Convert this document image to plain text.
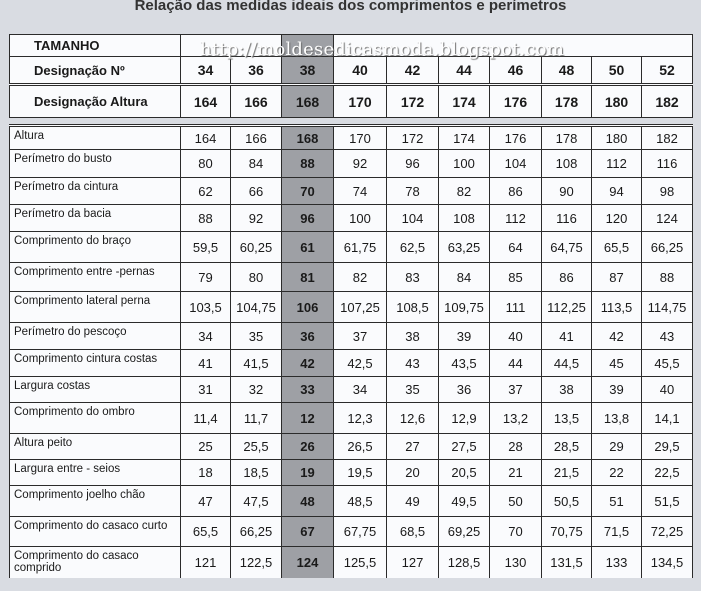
Relação das medidas ideais dos comprimentos e perímetros
http://moldesedicasmoda.blogspot.com
TAMANHO										
Designação Nº	34	36	38	40	42	44	46	48	50	52
Designação Altura	164	166	168	170	172	174	176	178	180	182
Altura	164	166	168	170	172	174	176	178	180	182
Perímetro do busto	80	84	88	92	96	100	104	108	112	116
Perímetro da cintura	62	66	70	74	78	82	86	90	94	98
Perímetro da bacia	88	92	96	100	104	108	112	116	120	124
Comprimento do braço	59,5	60,25	61	61,75	62,5	63,25	64	64,75	65,5	66,25
Comprimento entre -pernas	79	80	81	82	83	84	85	86	87	88
Comprimento lateral perna	103,5	104,75	106	107,25	108,5	109,75	111	112,25	113,5	114,75
Perímetro do pescoço	34	35	36	37	38	39	40	41	42	43
Comprimento cintura costas	41	41,5	42	42,5	43	43,5	44	44,5	45	45,5
Largura costas	31	32	33	34	35	36	37	38	39	40
Comprimento do ombro	11,4	11,7	12	12,3	12,6	12,9	13,2	13,5	13,8	14,1
Altura peito	25	25,5	26	26,5	27	27,5	28	28,5	29	29,5
Largura entre - seios	18	18,5	19	19,5	20	20,5	21	21,5	22	22,5
Comprimento joelho chão	47	47,5	48	48,5	49	49,5	50	50,5	51	51,5
Comprimento do casaco curto	65,5	66,25	67	67,75	68,5	69,25	70	70,75	71,5	72,25
Comprimento do casaco comprido	121	122,5	124	125,5	127	128,5	130	131,5	133	134,5
